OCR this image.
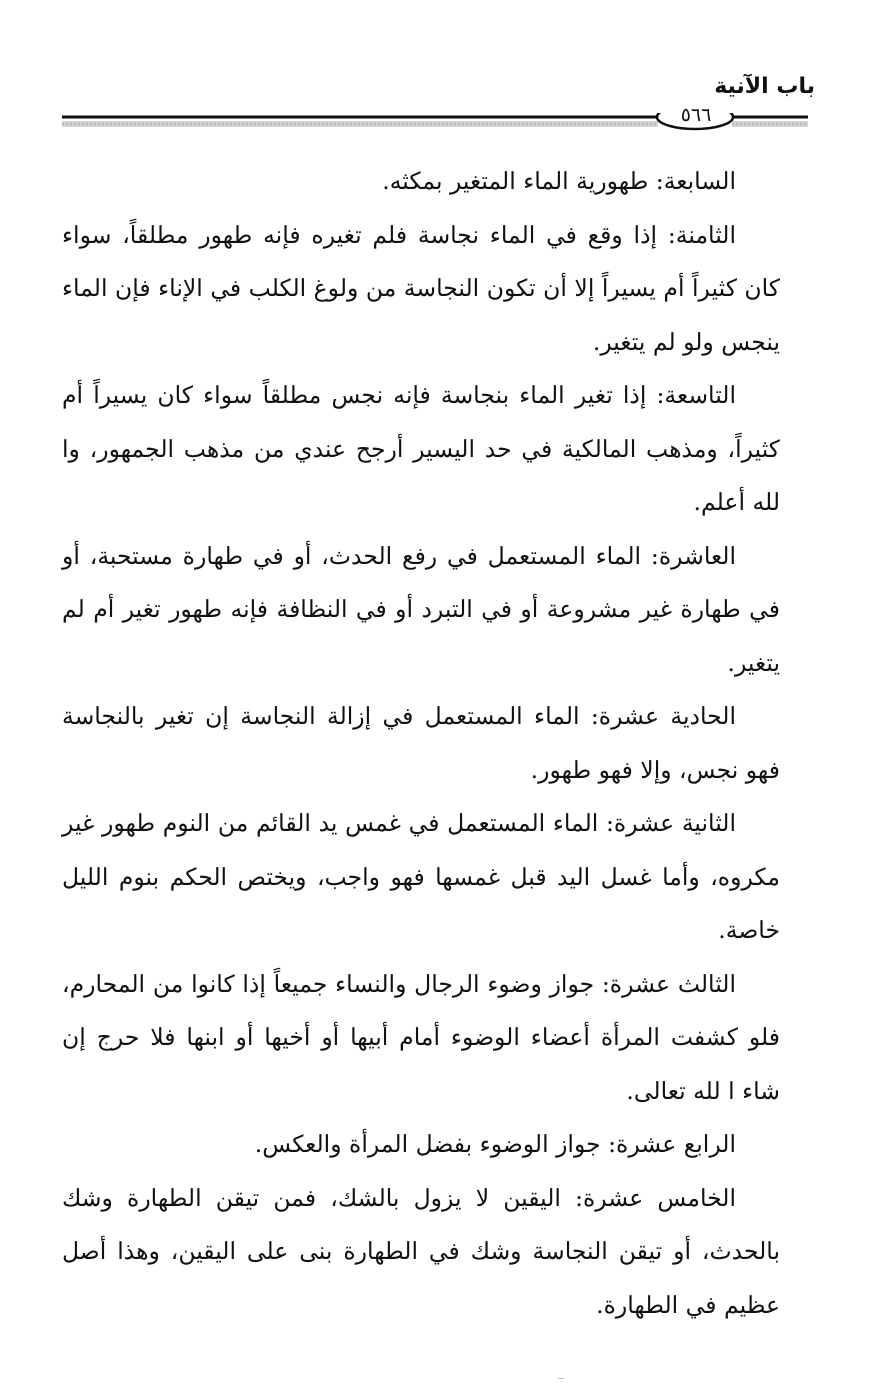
باب الآنية
٥٦٦

السابعة: طهورية الماء المتغير بمكثه.

الثامنة: إذا وقع في الماء نجاسة فلم تغيره فإنه طهور مطلقاً، سواء كان كثيراً أم يسيراً إلا أن تكون النجاسة من ولوغ الكلب في الإناء فإن الماء ينجس ولو لم يتغير.

التاسعة: إذا تغير الماء بنجاسة فإنه نجس مطلقاً سواء كان يسيراً أم كثيراً، ومذهب المالكية في حد اليسير أرجح عندي من مذهب الجمهور، وا لله أعلم.

العاشرة: الماء المستعمل في رفع الحدث، أو في طهارة مستحبة، أو في طهارة غير مشروعة أو في التبرد أو في النظافة فإنه طهور تغير أم لم يتغير.

الحادية عشرة: الماء المستعمل في إزالة النجاسة إن تغير بالنجاسة فهو نجس، وإلا فهو طهور.

الثانية عشرة: الماء المستعمل في غمس يد القائم من النوم طهور غير مكروه، وأما غسل اليد قبل غمسها فهو واجب، ويختص الحكم بنوم الليل خاصة.

الثالث عشرة: جواز وضوء الرجال والنساء جميعاً إذا كانوا من المحارم، فلو كشفت المرأة أعضاء الوضوء أمام أبيها أو أخيها أو ابنها فلا حرج إن شاء ا لله تعالى.

الرابع عشرة: جواز الوضوء بفضل المرأة والعكس.

الخامس عشرة: اليقين لا يزول بالشك، فمن تيقن الطهارة وشك بالحدث، أو تيقن النجاسة وشك في الطهارة بنى على اليقين، وهذا أصل عظيم في الطهارة.
